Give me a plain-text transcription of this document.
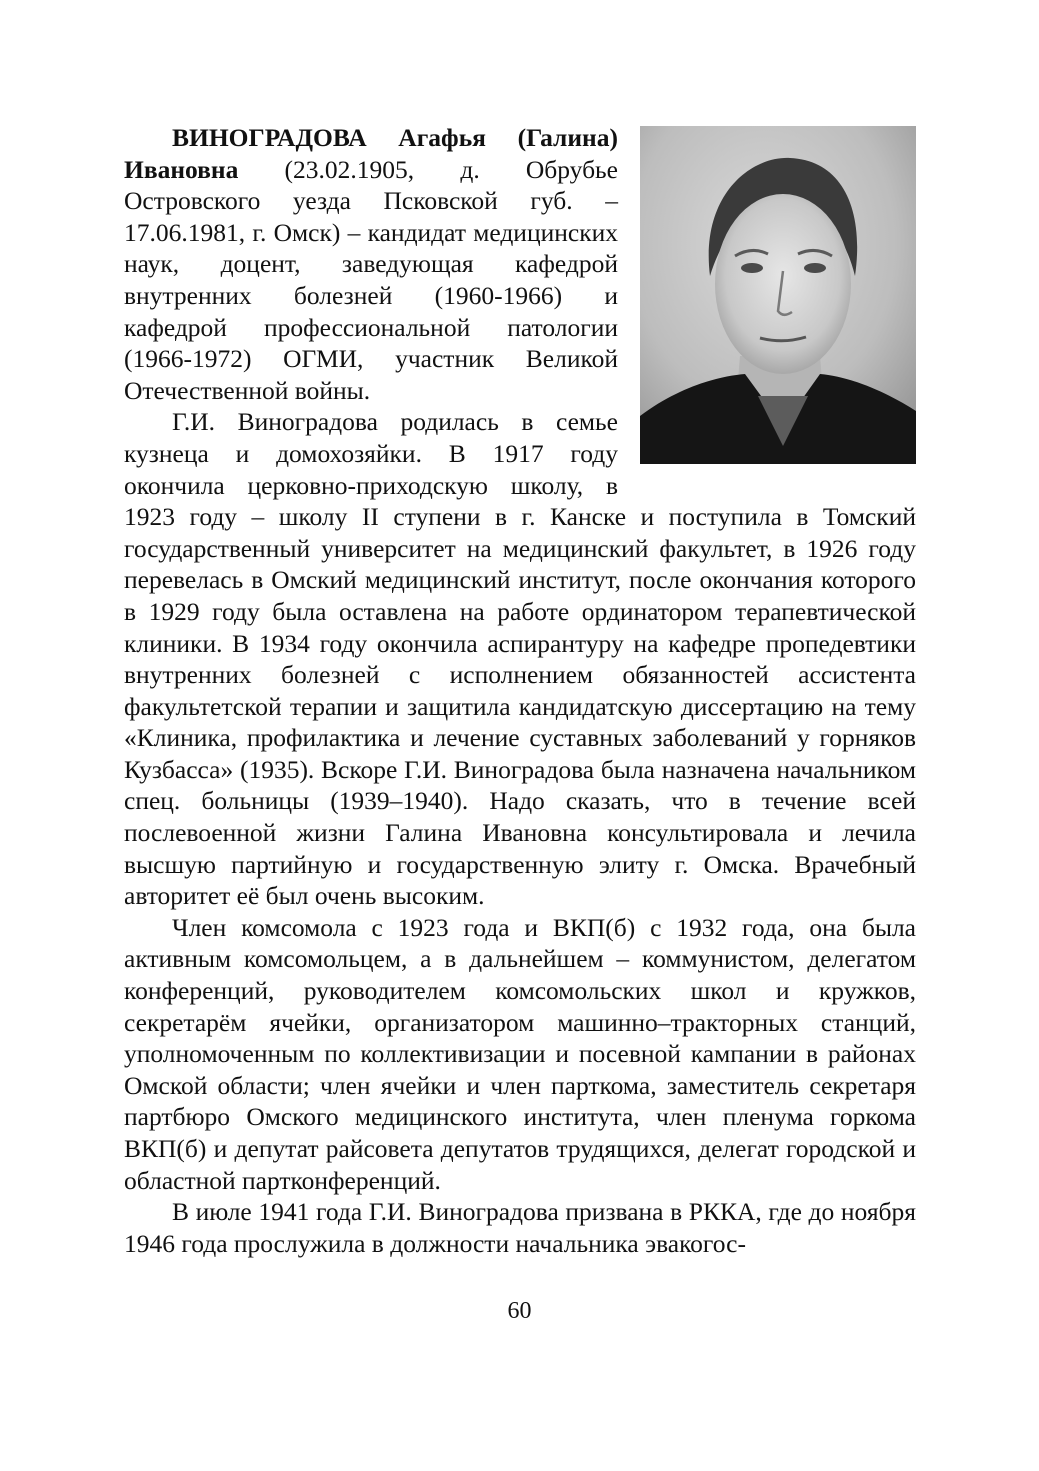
ВИНОГРАДОВА Агафья (Галина) Ивановна (23.02.1905, д. Обрубье Островского уезда Псковской губ. – 17.06.1981, г. Омск) – кандидат медицинских наук, доцент, заведующая кафедрой внутренних болезней (1960-1966) и кафедрой профессиональной патологии (1966-1972) ОГМИ, участник Великой Отечественной войны.

Г.И. Виноградова родилась в семье кузнеца и домохозяйки. В 1917 году окончила церковно-приходскую школу, в 1923 году – школу II ступени в г. Канске и поступила в Томский государственный университет на медицинский факультет, в 1926 году перевелась в Омский медицинский институт, после окончания которого в 1929 году была оставлена на работе ординатором терапевтической клиники. В 1934 году окончила аспирантуру на кафедре пропедевтики внутренних болезней с исполнением обязанностей ассистента факультетской терапии и защитила кандидатскую диссертацию на тему «Клиника, профилактика и лечение суставных заболеваний у горняков Кузбасса» (1935). Вскоре Г.И. Виноградова была назначена начальником спец. больницы (1939–1940). Надо сказать, что в течение всей послевоенной жизни Галина Ивановна консультировала и лечила высшую партийную и государственную элиту г. Омска. Врачебный авторитет её был очень высоким.

Член комсомола с 1923 года и ВКП(б) с 1932 года, она была активным комсомольцем, а в дальнейшем – коммунистом, делегатом конференций, руководителем комсомольских школ и кружков, секретарём ячейки, организатором машинно–тракторных станций, уполномоченным по коллективизации и посевной кампании в районах Омской области; член ячейки и член парткома, заместитель секретаря партбюро Омского медицинского института, член пленума горкома ВКП(б) и депутат райсовета депутатов трудящихся, делегат городской и областной партконференций.

В июле 1941 года Г.И. Виноградова призвана в РККА, где до ноября 1946 года прослужила в должности начальника эвакогос-

60
